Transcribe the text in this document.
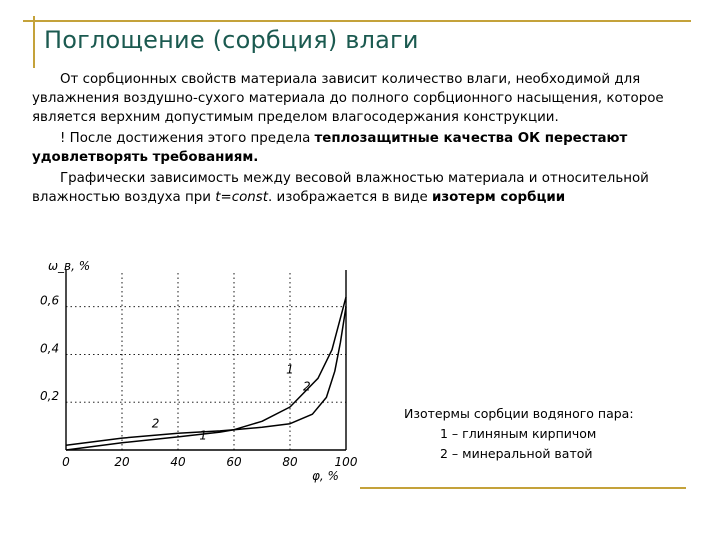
Поглощение (сорбция) влаги

От сорбционных свойств материала зависит количество влаги, необходимой для увлажнения воздушно-сухого материала до полного сорбционного насыщения, которое является верхним допустимым пределом влагосодержания конструкции.

! После достижения этого предела теплозащитные качества ОК перестают удовлетворять требованиям.

Графически зависимость между весовой влажностью материала и относительной влажностью воздуха при t=const. изображается в виде изотерм сорбции

0	20	40	60	80	100
0,2
0,4
0,6
1
2
1
2
ω_в, %
φ, %
Изотермы сорбции водяного пара:
1 – глиняным кирпичом
2 – минеральной ватой
